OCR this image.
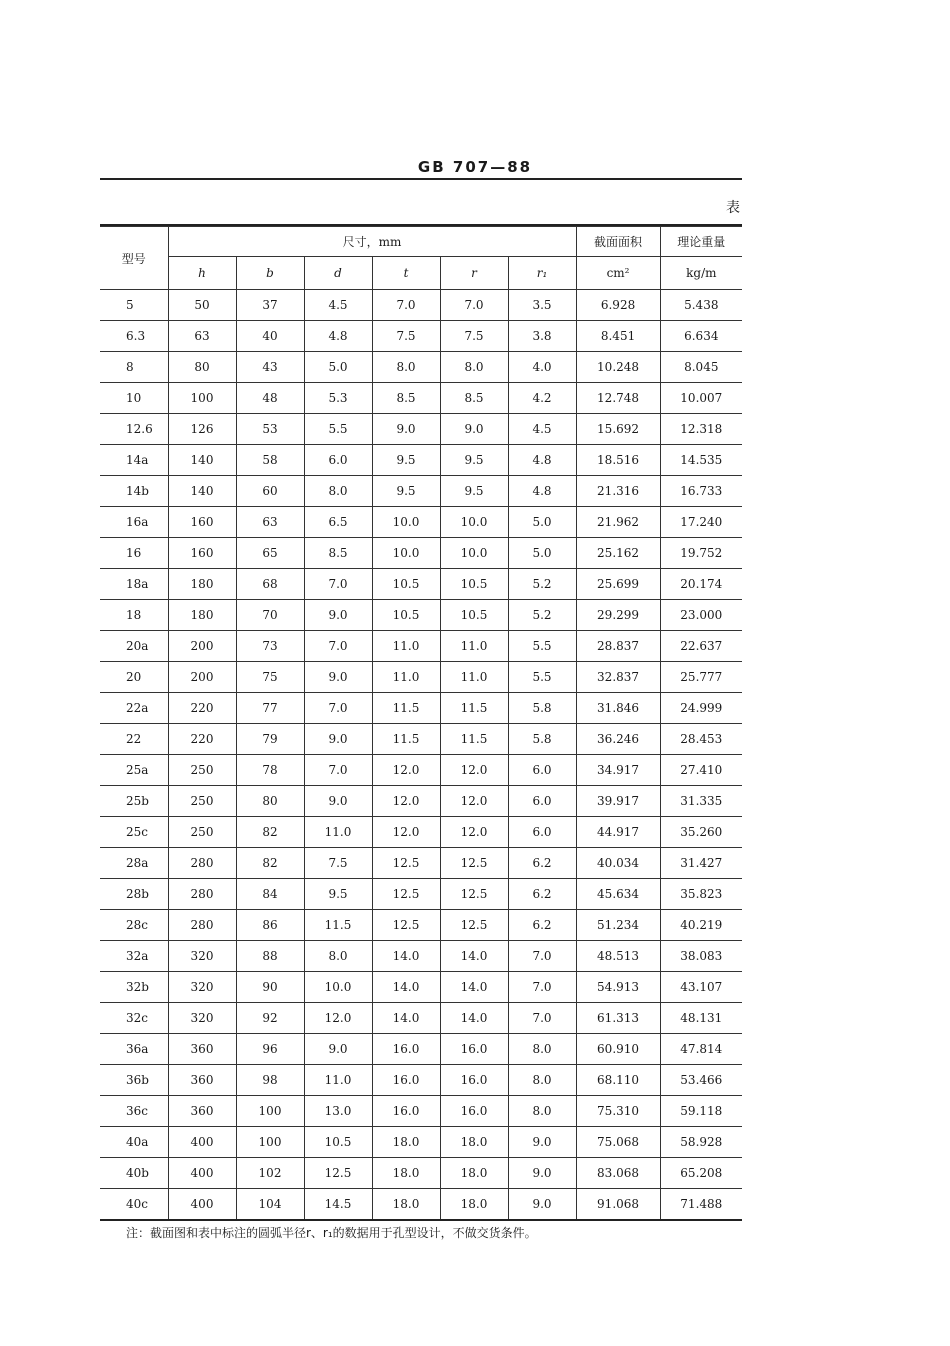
GB 707—88
表
型号	尺寸，mm						截面面积	理论重量
	h	b	d	t	r	r₁	cm²	kg/m
5	50	37	4.5	7.0	7.0	3.5	6.928	5.438
6.3	63	40	4.8	7.5	7.5	3.8	8.451	6.634
8	80	43	5.0	8.0	8.0	4.0	10.248	8.045
10	100	48	5.3	8.5	8.5	4.2	12.748	10.007
12.6	126	53	5.5	9.0	9.0	4.5	15.692	12.318
14a	140	58	6.0	9.5	9.5	4.8	18.516	14.535
14b	140	60	8.0	9.5	9.5	4.8	21.316	16.733
16a	160	63	6.5	10.0	10.0	5.0	21.962	17.240
16	160	65	8.5	10.0	10.0	5.0	25.162	19.752
18a	180	68	7.0	10.5	10.5	5.2	25.699	20.174
18	180	70	9.0	10.5	10.5	5.2	29.299	23.000
20a	200	73	7.0	11.0	11.0	5.5	28.837	22.637
20	200	75	9.0	11.0	11.0	5.5	32.837	25.777
22a	220	77	7.0	11.5	11.5	5.8	31.846	24.999
22	220	79	9.0	11.5	11.5	5.8	36.246	28.453
25a	250	78	7.0	12.0	12.0	6.0	34.917	27.410
25b	250	80	9.0	12.0	12.0	6.0	39.917	31.335
25c	250	82	11.0	12.0	12.0	6.0	44.917	35.260
28a	280	82	7.5	12.5	12.5	6.2	40.034	31.427
28b	280	84	9.5	12.5	12.5	6.2	45.634	35.823
28c	280	86	11.5	12.5	12.5	6.2	51.234	40.219
32a	320	88	8.0	14.0	14.0	7.0	48.513	38.083
32b	320	90	10.0	14.0	14.0	7.0	54.913	43.107
32c	320	92	12.0	14.0	14.0	7.0	61.313	48.131
36a	360	96	9.0	16.0	16.0	8.0	60.910	47.814
36b	360	98	11.0	16.0	16.0	8.0	68.110	53.466
36c	360	100	13.0	16.0	16.0	8.0	75.310	59.118
40a	400	100	10.5	18.0	18.0	9.0	75.068	58.928
40b	400	102	12.5	18.0	18.0	9.0	83.068	65.208
40c	400	104	14.5	18.0	18.0	9.0	91.068	71.488
注：截面图和表中标注的圆弧半径r、r₁的数据用于孔型设计，不做交货条件。
